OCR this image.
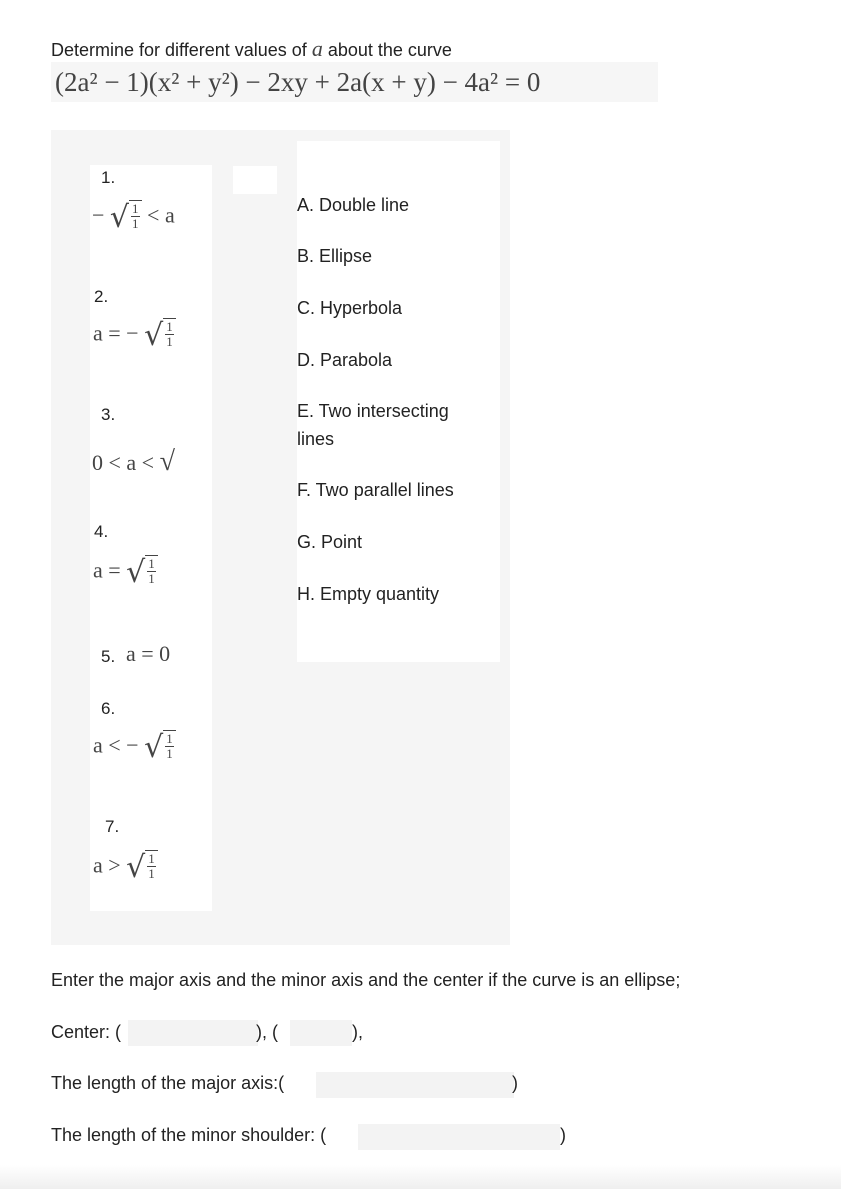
Determine for different values of a about the curve
(2a² − 1)(x² + y²) − 2xy + 2a(x + y) − 4a² = 0
1.
− √ $\frac{1}{1} < a$
2.
a = − √ $\frac{1}{1}$
3.
0 < a < √
4.
a = √ $\frac{1}{1}$
5. a = 0
6.
a < − √ $\frac{1}{1}$
7.
a > √ $\frac{1}{1}$
A. Double line
B. Ellipse
C. Hyperbola
D. Parabola
E. Two intersecting
lines
F. Two parallel lines
G. Point
H. Empty quantity
Enter the major axis and the minor axis and the center if the curve is an ellipse;
Center: (	), (	),
The length of the major axis:(	)
The length of the minor shoulder: (	)
